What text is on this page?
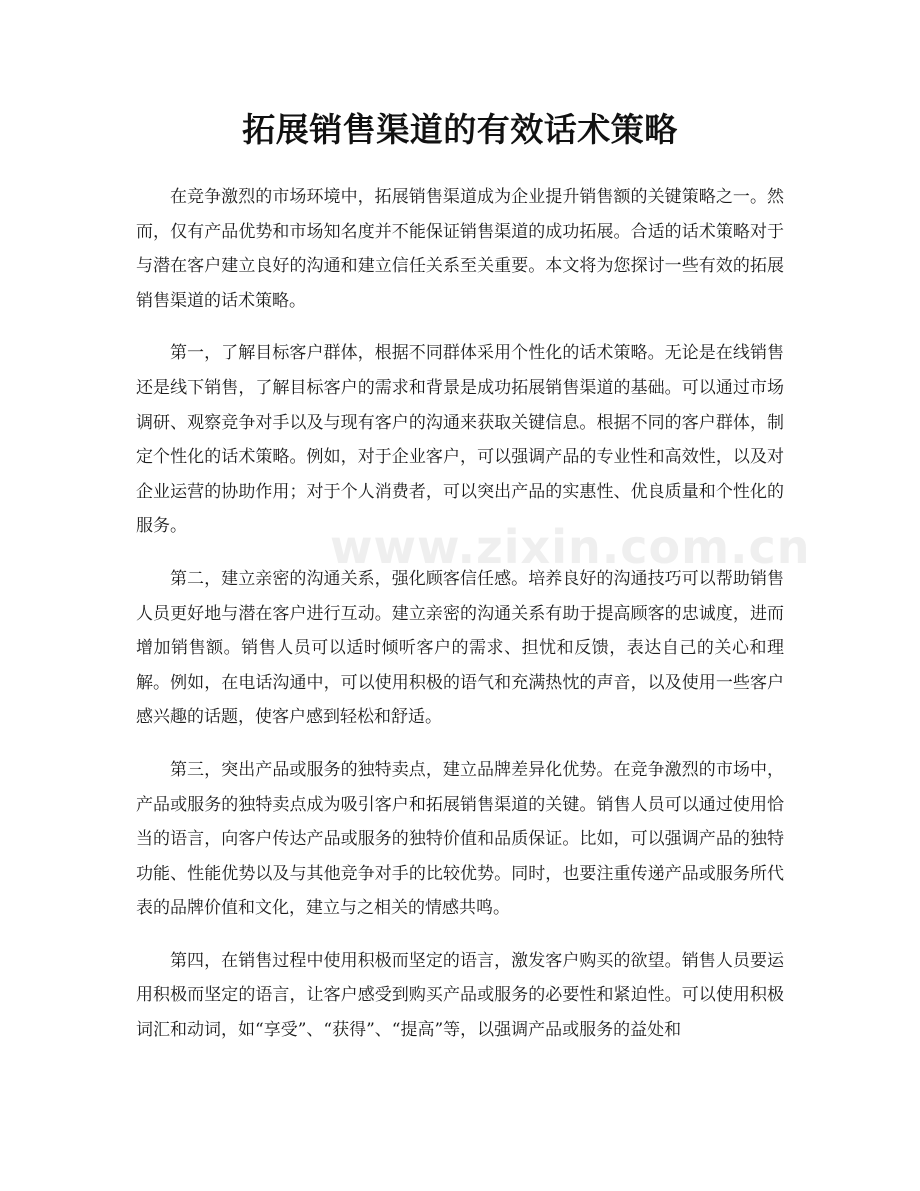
拓展销售渠道的有效话术策略
www.zixin.com.cn

在竞争激烈的市场环境中，拓展销售渠道成为企业提升销售额的关键策略之一。然而，仅有产品优势和市场知名度并不能保证销售渠道的成功拓展。合适的话术策略对于与潜在客户建立良好的沟通和建立信任关系至关重要。本文将为您探讨一些有效的拓展销售渠道的话术策略。

第一，了解目标客户群体，根据不同群体采用个性化的话术策略。无论是在线销售还是线下销售，了解目标客户的需求和背景是成功拓展销售渠道的基础。可以通过市场调研、观察竞争对手以及与现有客户的沟通来获取关键信息。根据不同的客户群体，制定个性化的话术策略。例如，对于企业客户，可以强调产品的专业性和高效性，以及对企业运营的协助作用；对于个人消费者，可以突出产品的实惠性、优良质量和个性化的服务。

第二，建立亲密的沟通关系，强化顾客信任感。培养良好的沟通技巧可以帮助销售人员更好地与潜在客户进行互动。建立亲密的沟通关系有助于提高顾客的忠诚度，进而增加销售额。销售人员可以适时倾听客户的需求、担忧和反馈，表达自己的关心和理解。例如，在电话沟通中，可以使用积极的语气和充满热忱的声音，以及使用一些客户感兴趣的话题，使客户感到轻松和舒适。

第三，突出产品或服务的独特卖点，建立品牌差异化优势。在竞争激烈的市场中，产品或服务的独特卖点成为吸引客户和拓展销售渠道的关键。销售人员可以通过使用恰当的语言，向客户传达产品或服务的独特价值和品质保证。比如，可以强调产品的独特功能、性能优势以及与其他竞争对手的比较优势。同时，也要注重传递产品或服务所代表的品牌价值和文化，建立与之相关的情感共鸣。

第四，在销售过程中使用积极而坚定的语言，激发客户购买的欲望。销售人员要运用积极而坚定的语言，让客户感受到购买产品或服务的必要性和紧迫性。可以使用积极词汇和动词，如“享受”、“获得”、“提高”等，以强调产品或服务的益处和
